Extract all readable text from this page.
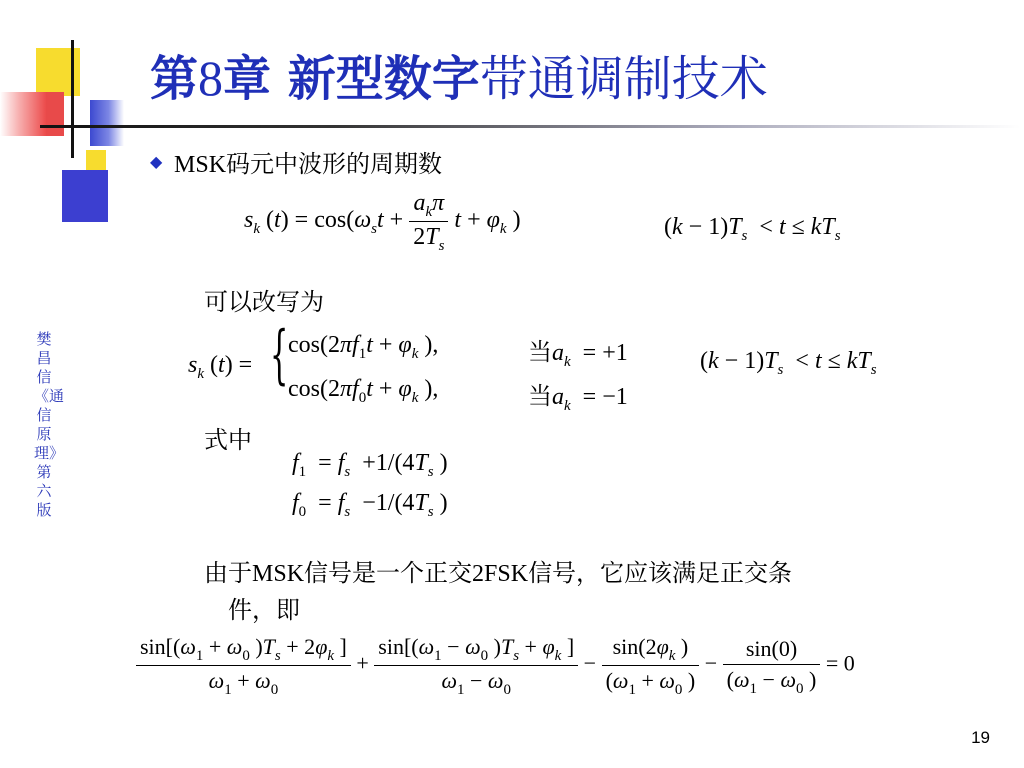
第8章 新型数字带通调制技术
樊昌信《通信原理》第六版
◆ MSK码元中波形的周期数
$s_k$ $(t) = \cos(\omega_st + \frac{a_k\pi}{2T_s}$ $t + \varphi_k$ )	$(k - 1)T_s < t \le kT_s$
可以改写为
$s_k$ (t) = { $\cos(2\pi f_1t + \varphi_k$ ),
$\cos(2\pi f_0t + \varphi_k$ ),
当$a_k = +1$
当$a_k = -1$
$(k - 1)T_s < t \le kT_s$
式中
$f_1 = f_s +1/(4T_s$ )
$f_0 = f_s -1/(4T_s$ )
由于MSK信号是一个正交2FSK信号，它应该满足正交条
件，即
$\frac{\sin[(\omega_1 + \omega_0 )T_s + 2\varphi_k ]}{\omega_1 + \omega_0} + \frac{\sin[(\omega_1 - \omega_0 )T_s + \varphi_k ]}{\omega_1 - \omega_0} - \frac{\sin(2\varphi_k )}{(\omega_1 + \omega_0 )} - \frac{\sin(0)}{(\omega_1 - \omega_0 )} = 0$
19
